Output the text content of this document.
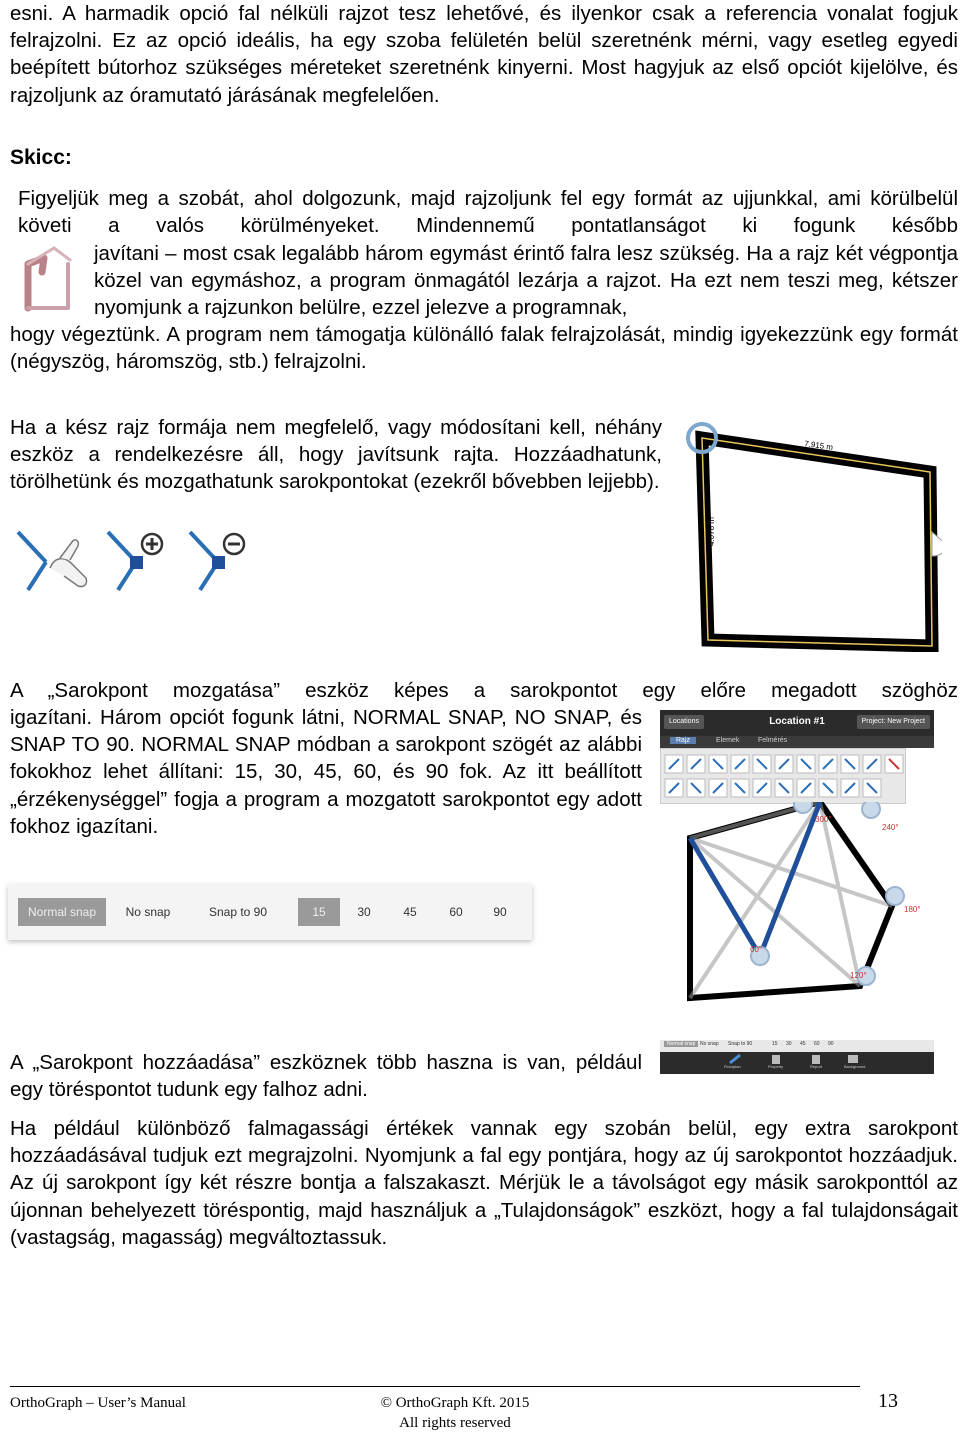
esni. A harmadik opció fal nélküli rajzot tesz lehetővé, és ilyenkor csak a referencia vonalat fogjuk felrajzolni. Ez az opció ideális, ha egy szoba felületén belül szeretnénk mérni, vagy esetleg egyedi beépített bútorhoz szükséges méreteket szeretnénk kinyerni. Most hagyjuk az első opciót kijelölve, és rajzoljunk az óramutató járásának megfelelően.

Skicc:

Figyeljük meg a szobát, ahol dolgozunk, majd rajzoljunk fel egy formát az ujjunkkal, ami körülbelül követi a valós körülményeket. Mindennemű pontatlanságot ki fogunk később

javítani – most csak legalább három egymást érintő falra lesz szükség. Ha a rajz két végpontja közel van egymáshoz, a program önmagától lezárja a rajzot. Ha ezt nem teszi meg, kétszer nyomjunk a rajzunkon belülre, ezzel jelezve a programnak,

hogy végeztünk. A program nem támogatja különálló falak felrajzolását, mindig igyekezzünk egy formát (négyszög, háromszög, stb.) felrajzolni.

Ha a kész rajz formája nem megfelelő, vagy módosítani kell, néhány eszköz a rendelkezésre áll, hogy javítsunk rajta. Hozzáadhatunk, törölhetünk és mozgathatunk sarokpontokat (ezekről bővebben lejjebb).

7.915 m
4.078 m

A „Sarokpont mozgatása” eszköz képes a sarokpontot egy előre megadott szöghöz

igazítani. Három opciót fogunk látni, NORMAL SNAP, NO SNAP, és SNAP TO 90. NORMAL SNAP módban a sarokpont szögét az alábbi fokokhoz lehet állítani: 15, 30, 45, 60, és 90 fok. Az itt beállított „érzékenységgel” fogja a program a mozgatott sarokpontot egy adott fokhoz igazítani.

Locations	Location #1	Project: New Project
Rajz	Elemek	Felmérés
300°
240°
180°
60°
120°
Normal snap	No snap	Snap to 90	15	30	45	60	90
Normal snap No snap Snap to 90	15 30 45 60 90
Floorplan	Property	Report	Background

A „Sarokpont hozzáadása” eszköznek több haszna is van, például egy töréspontot tudunk egy falhoz adni.

Ha például különböző falmagassági értékek vannak egy szobán belül, egy extra sarokpont hozzáadásával tudjuk ezt megrajzolni. Nyomjunk a fal egy pontjára, hogy az új sarokpontot hozzáadjuk. Az új sarokpont így két részre bontja a falszakaszt. Mérjük le a távolságot egy másik sarokponttól az újonnan behelyezett töréspontig, majd használjuk a „Tulajdonságok” eszközt, hogy a fal tulajdonságait (vastagság, magasság) megváltoztassuk.

OrthoGraph – User’s Manual	© OrthoGraph Kft. 2015
All rights reserved
13
